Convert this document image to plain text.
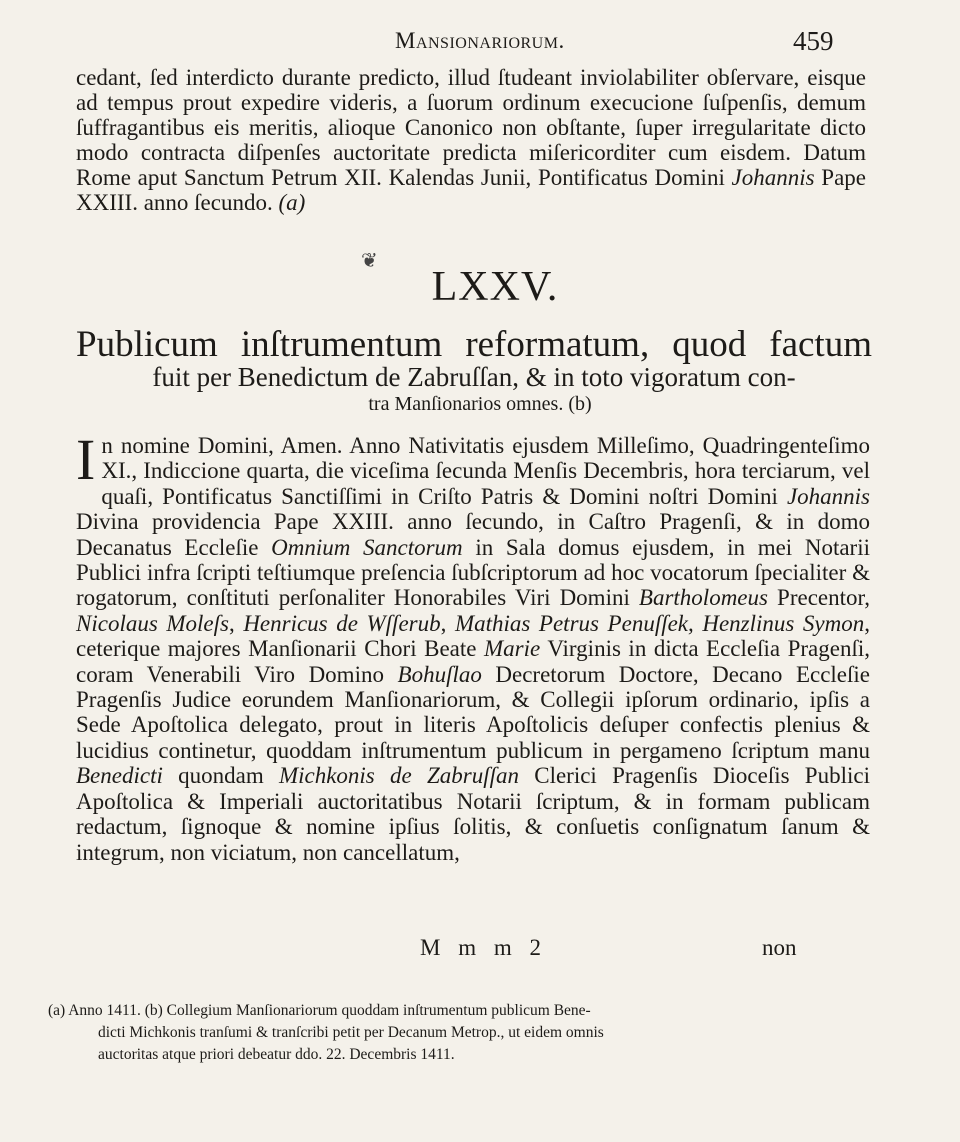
Mansionariorum.	459

cedant, ſed interdicto durante predicto, illud ſtudeant inviolabiliter obſervare, eisque ad tempus prout expedire videris, a ſuorum ordinum execucione ſuſpenſis, demum ſuffragantibus eis meritis, alioque Canonico non obſtante, ſuper irregularitate dicto modo contracta diſpenſes auctoritate predicta miſericorditer cum eisdem. Datum Rome aput Sanctum Petrum XII. Kalendas Junii, Pontificatus Domini Johannis Pape XXIII. anno ſecundo. (a)

❦
LXXV.
Publicum inſtrumentum reformatum, quod factum
fuit per Benedictum de Zabruſſan, & in toto vigoratum con-
tra Manſionarios omnes. (b)
In nomine Domini, Amen. Anno Nativitatis ejusdem Milleſimo, Quadringenteſimo XI., Indiccione quarta, die viceſima ſecunda Menſis Decembris, hora terciarum, vel quaſi, Pontificatus Sanctiſſimi in Criſto Patris & Domini noſtri Domini Johannis Divina providencia Pape XXIII. anno ſecundo, in Caſtro Pragenſi, & in domo Decanatus Eccleſie Omnium Sanctorum in Sala domus ejusdem, in mei Notarii Publici infra ſcripti teſtiumque preſencia ſubſcriptorum ad hoc vocatorum ſpecialiter & rogatorum, conſtituti perſonaliter Honorabiles Viri Domini Bartholomeus Precentor, Nicolaus Moleſs, Henricus de Wſſerub, Mathias Petrus Penuſſek, Henzlinus Symon, ceterique majores Manſionarii Chori Beate Marie Virginis in dicta Eccleſia Pragenſi, coram Venerabili Viro Domino Bohuſlao Decretorum Doctore, Decano Eccleſie Pragenſis Judice eorundem Manſionariorum, & Collegii ipſorum ordinario, ipſis a Sede Apoſtolica delegato, prout in literis Apoſtolicis deſuper confectis plenius & lucidius continetur, quoddam inſtrumentum publicum in pergameno ſcriptum manu Benedicti quondam Michkonis de Zabruſſan Clerici Pragenſis Dioceſis Publici Apoſtolica & Imperiali auctoritatibus Notarii ſcriptum, & in formam publicam redactum, ſignoque & nomine ipſius ſolitis, & conſuetis conſignatum ſanum & integrum, non viciatum, non cancellatum,
M m m 2	non
(a) Anno 1411. (b) Collegium Manſionariorum quoddam inſtrumentum publicum Bene-
dicti Michkonis tranſumi & tranſcribi petit per Decanum Metrop., ut eidem omnis
auctoritas atque priori debeatur ddo. 22. Decembris 1411.
